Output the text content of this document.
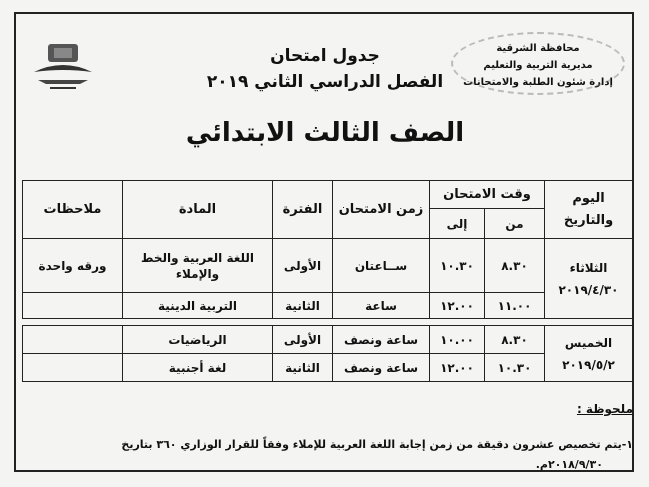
محافظة الشرقية
مديرية التربية والتعليم
إدارة شئون الطلبة والامتحانات
جدول امتحان
الفصل الدراسي الثاني ٢٠١٩
الصف الثالث الابتدائي
اليوم والتاريخ	وقت الامتحان		زمن الامتحان	الفترة	المادة	ملاحظات
	من	إلى				

الثلاثاء
٢٠١٩/٤/٣٠	٨.٣٠	١٠.٣٠	ســاعتان	الأولى	اللغة العربية والخط والإملاء	ورقه واحدة
	١١.٠٠	١٢.٠٠	ساعة	الثانية	التربية الدينية	

الخميس
٢٠١٩/٥/٢	٨.٣٠	١٠.٠٠	ساعة ونصف	الأولى	الرياضيات	
	١٠.٣٠	١٢.٠٠	ساعة ونصف	الثانية	لغة أجنبية	
ملحوظة :
١-يتم تخصيص عشرون دقيقة من زمن إجابة اللغة العربية للإملاء وفقاً للقرار الوزاري ٣٦٠ بتاريخ
٢٠١٨/٩/٣٠م.
